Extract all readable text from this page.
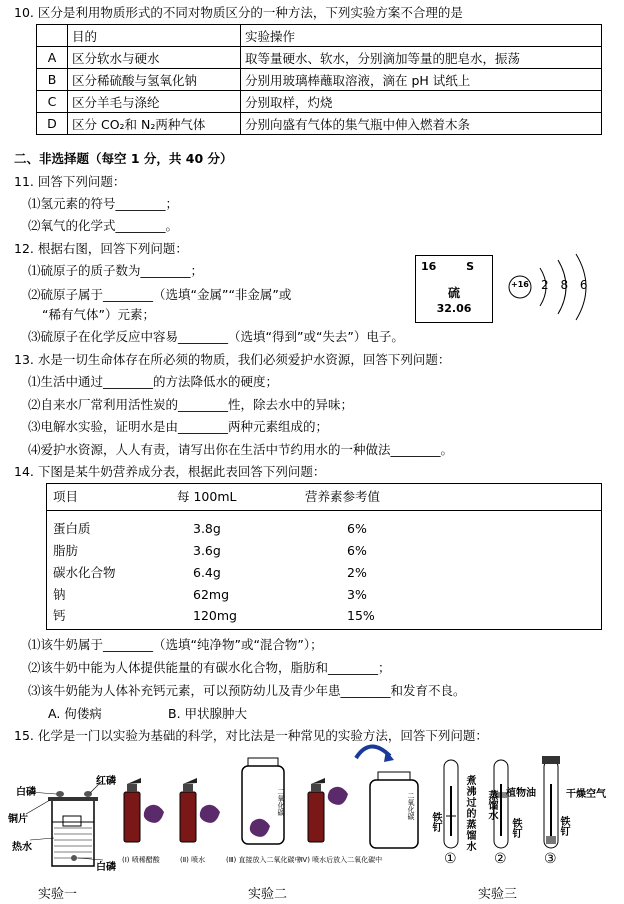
10. 区分是利用物质形式的不同对物质区分的一种方法，下列实验方案不合理的是
	目的	实验操作
A	区分软水与硬水	取等量硬水、软水，分别滴加等量的肥皂水，振荡
B	区分稀硫酸与氢氧化钠	分别用玻璃棒蘸取溶液，滴在 pH 试纸上
C	区分羊毛与涤纶	分别取样，灼烧
D	区分 CO₂和 N₂两种气体	分别向盛有气体的集气瓶中伸入燃着木条
二、非选择题（每空 1 分，共 40 分）
11. 回答下列问题：
⑴氢元素的符号________；
⑵氧气的化学式________。
12. 根据右图，回答下列问题：
⑴硫原子的质子数为________；
⑵硫原子属于________（选填“金属”“非金属”或
“稀有气体”）元素；
⑶硫原子在化学反应中容易________（选填“得到”或“失去”）电子。
16	S
硫
32.06
+16 2 8 6
13. 水是一切生命体存在所必须的物质，我们必须爱护水资源，回答下列问题：
⑴生活中通过________的方法降低水的硬度；
⑵自来水厂常利用活性炭的________性，除去水中的异味；
⑶电解水实验，证明水是由________两种元素组成的；
⑷爱护水资源，人人有责，请写出你在生活中节约用水的一种做法________。
14. 下图是某牛奶营养成分表，根据此表回答下列问题：
项目	每 100mL	营养素参考值
蛋白质	3.8g	6%
脂肪	3.6g	6%
碳水化合物	6.4g	2%
钠	62mg	3%
钙	120mg	15%
⑴该牛奶属于________（选填“纯净物”或“混合物”）；
⑵该牛奶中能为人体提供能量的有碳水化合物，脂肪和________；
⑶该牛奶能为人体补充钙元素，可以预防幼儿及青少年患________和发育不良。
A. 佝偻病	B. 甲状腺肿大
15. 化学是一门以实验为基础的科学，对比法是一种常见的实验方法，回答下列问题：
白磷
红磷
铜片
热水
白磷
(I) 喷稀醋酸	(Ⅱ) 喷水	(Ⅲ) 直接放入二氧化碳中
(Ⅳ) 喷水后放入二氧化碳中
二氧化碳	二氧化碳	煮沸过的蒸馏水	植物油	干燥空气
蒸馏水
铁钉	铁钉	铁钉
①	②	③
实验一	实验二	实验三
